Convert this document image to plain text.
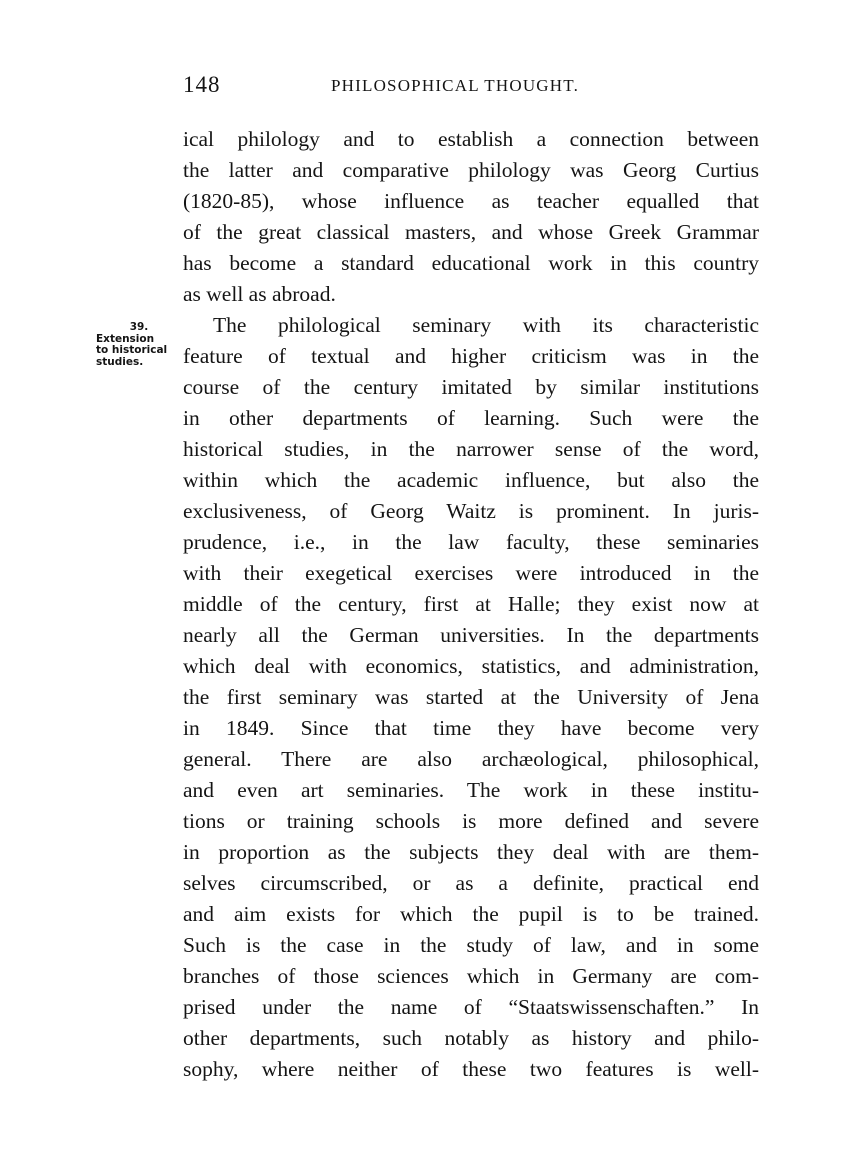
148	PHILOSOPHICAL THOUGHT.
39.
Extension
to historical
studies.
ical philology and to establish a connection between
the latter and comparative philology was Georg Curtius
(1820-85), whose influence as teacher equalled that
of the great classical masters, and whose Greek Grammar
has become a standard educational work in this country
as well as abroad.
The philological seminary with its characteristic
feature of textual and higher criticism was in the
course of the century imitated by similar institutions
in other departments of learning. Such were the
historical studies, in the narrower sense of the word,
within which the academic influence, but also the
exclusiveness, of Georg Waitz is prominent. In juris-
prudence, i.e., in the law faculty, these seminaries
with their exegetical exercises were introduced in the
middle of the century, first at Halle; they exist now at
nearly all the German universities. In the departments
which deal with economics, statistics, and administration,
the first seminary was started at the University of Jena
in 1849. Since that time they have become very
general. There are also archæological, philosophical,
and even art seminaries. The work in these institu-
tions or training schools is more defined and severe
in proportion as the subjects they deal with are them-
selves circumscribed, or as a definite, practical end
and aim exists for which the pupil is to be trained.
Such is the case in the study of law, and in some
branches of those sciences which in Germany are com-
prised under the name of “Staatswissenschaften.” In
other departments, such notably as history and philo-
sophy, where neither of these two features is well-
